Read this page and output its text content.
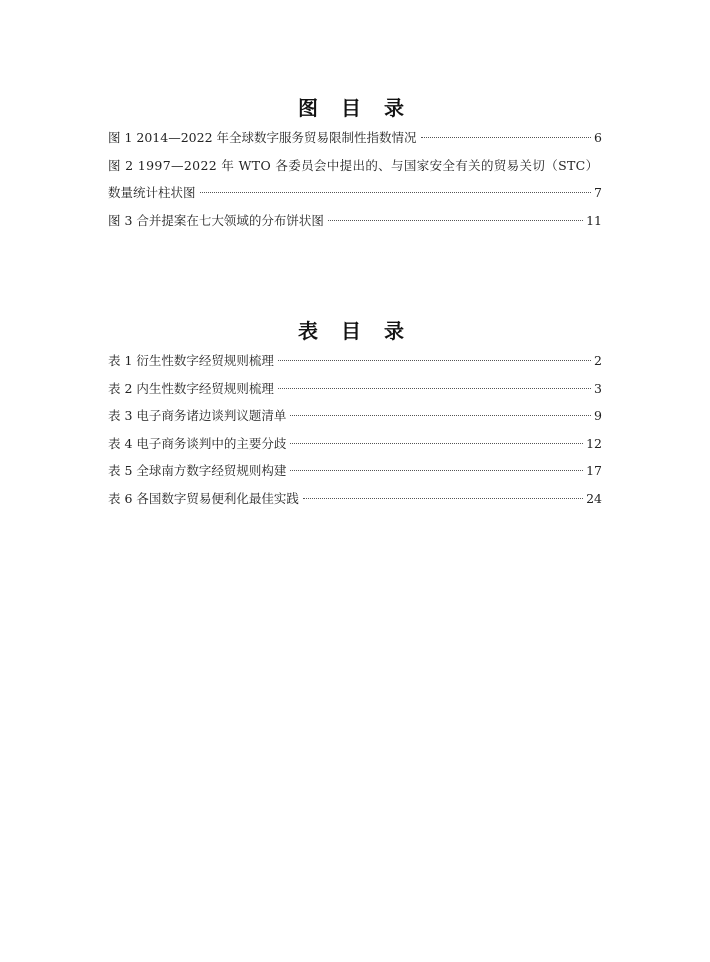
图 目 录
图 1 2014—2022 年全球数字服务贸易限制性指数情况	6
图 2 1997—2022 年 WTO 各委员会中提出的、与国家安全有关的贸易关切（STC）
数量统计柱状图	7
图 3 合并提案在七大领域的分布饼状图	11
表 目 录
表 1 衍生性数字经贸规则梳理	2
表 2 内生性数字经贸规则梳理	3
表 3 电子商务诸边谈判议题清单	9
表 4 电子商务谈判中的主要分歧	12
表 5 全球南方数字经贸规则构建	17
表 6 各国数字贸易便利化最佳实践	24
